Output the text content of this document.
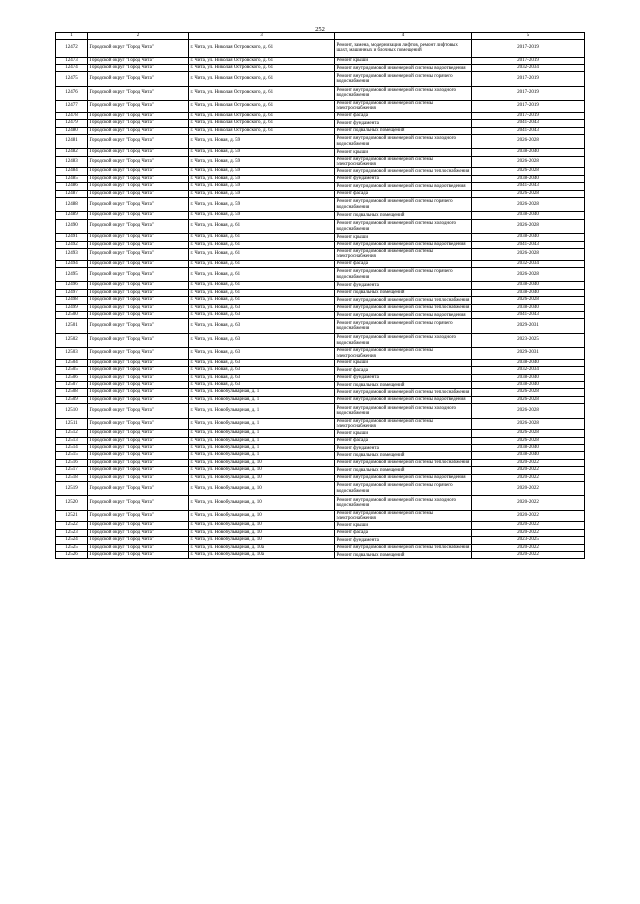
252
1	2	3	4	5
12472	Городской округ "Город Чита"	г. Чита, ул. Николая Островского, д. 61	Ремонт, замена, модернизация лифтов, ремонт лифтовых шахт, машинных и блочных помещений	2017-2019
12473	Городской округ "Город Чита"	г. Чита, ул. Николая Островского, д. 61	Ремонт крыши	2017-2019
12474	Городской округ "Город Чита"	г. Чита, ул. Николая Островского, д. 61	Ремонт внутридомовой инженерной системы водоотведения	2032-2034
12475	Городской округ "Город Чита"	г. Чита, ул. Николая Островского, д. 61	Ремонт внутридомовой инженерной системы горячего водоснабжения	2017-2019
12476	Городской округ "Город Чита"	г. Чита, ул. Николая Островского, д. 61	Ремонт внутридомовой инженерной системы холодного водоснабжения	2017-2019
12477	Городской округ "Город Чита"	г. Чита, ул. Николая Островского, д. 61	Ремонт внутридомовой инженерной системы электроснабжения	2017-2019
12478	Городской округ "Город Чита"	г. Чита, ул. Николая Островского, д. 61	Ремонт фасада	2017-2019
12479	Городской округ "Город Чита"	г. Чита, ул. Николая Островского, д. 61	Ремонт фундамента	2041-2043
12480	Городской округ "Город Чита"	г. Чита, ул. Николая Островского, д. 61	Ремонт подвальных помещений	2041-2043
12481	Городской округ "Город Чита"	г. Чита, ул. Новая, д. 59	Ремонт внутридомовой инженерной системы холодного водоснабжения	2026-2028
12482	Городской округ "Город Чита"	г. Чита, ул. Новая, д. 59	Ремонт крыши	2038-2040
12483	Городской округ "Город Чита"	г. Чита, ул. Новая, д. 59	Ремонт внутридомовой инженерной системы электроснабжения	2026-2028
12484	Городской округ "Город Чита"	г. Чита, ул. Новая, д. 59	Ремонт внутридомовой инженерной системы теплоснабжения	2026-2028
12485	Городской округ "Город Чита"	г. Чита, ул. Новая, д. 59	Ремонт фундамента	2038-2040
12486	Городской округ "Город Чита"	г. Чита, ул. Новая, д. 59	Ремонт внутридомовой инженерной системы водоотведения	2041-2043
12487	Городской округ "Город Чита"	г. Чита, ул. Новая, д. 59	Ремонт фасада	2026-2028
12488	Городской округ "Город Чита"	г. Чита, ул. Новая, д. 59	Ремонт внутридомовой инженерной системы горячего водоснабжения	2026-2028
12489	Городской округ "Город Чита"	г. Чита, ул. Новая, д. 59	Ремонт подвальных помещений	2038-2040
12490	Городской округ "Город Чита"	г. Чита, ул. Новая, д. 61	Ремонт внутридомовой инженерной системы холодного водоснабжения	2026-2028
12491	Городской округ "Город Чита"	г. Чита, ул. Новая, д. 61	Ремонт крыши	2038-2040
12492	Городской округ "Город Чита"	г. Чита, ул. Новая, д. 61	Ремонт внутридомовой инженерной системы водоотведения	2041-2043
12493	Городской округ "Город Чита"	г. Чита, ул. Новая, д. 61	Ремонт внутридомовой инженерной системы электроснабжения	2026-2028
12494	Городской округ "Город Чита"	г. Чита, ул. Новая, д. 61	Ремонт фасада	2032-2034
12495	Городской округ "Город Чита"	г. Чита, ул. Новая, д. 61	Ремонт внутридомовой инженерной системы горячего водоснабжения	2026-2028
12496	Городской округ "Город Чита"	г. Чита, ул. Новая, д. 61	Ремонт фундамента	2038-2040
12497	Городской округ "Город Чита"	г. Чита, ул. Новая, д. 61	Ремонт подвальных помещений	2038-2040
12498	Городской округ "Город Чита"	г. Чита, ул. Новая, д. 61	Ремонт внутридомовой инженерной системы теплоснабжения	2026-2028
12499	Городской округ "Город Чита"	г. Чита, ул. Новая, д. 63	Ремонт внутридомовой инженерной системы теплоснабжения	2038-2040
12500	Городской округ "Город Чита"	г. Чита, ул. Новая, д. 63	Ремонт внутридомовой инженерной системы водоотведения	2041-2043
12501	Городской округ "Город Чита"	г. Чита, ул. Новая, д. 63	Ремонт внутридомовой инженерной системы горячего водоснабжения	2029-2031
12502	Городской округ "Город Чита"	г. Чита, ул. Новая, д. 63	Ремонт внутридомовой инженерной системы холодного водоснабжения	2023-2025
12503	Городской округ "Город Чита"	г. Чита, ул. Новая, д. 63	Ремонт внутридомовой инженерной системы электроснабжения	2029-2031
12504	Городской округ "Город Чита"	г. Чита, ул. Новая, д. 63	Ремонт крыши	2038-2040
12505	Городской округ "Город Чита"	г. Чита, ул. Новая, д. 63	Ремонт фасада	2032-2034
12506	Городской округ "Город Чита"	г. Чита, ул. Новая, д. 63	Ремонт фундамента	2038-2040
12507	Городской округ "Город Чита"	г. Чита, ул. Новая, д. 63	Ремонт подвальных помещений	2038-2040
12508	Городской округ "Город Чита"	г. Чита, ул. Новобульварная, д. 1	Ремонт внутридомовой инженерной системы теплоснабжения	2026-2028
12509	Городской округ "Город Чита"	г. Чита, ул. Новобульварная, д. 1	Ремонт внутридомовой инженерной системы водоотведения	2026-2028
12510	Городской округ "Город Чита"	г. Чита, ул. Новобульварная, д. 1	Ремонт внутридомовой инженерной системы холодного водоснабжения	2026-2028
12511	Городской округ "Город Чита"	г. Чита, ул. Новобульварная, д. 1	Ремонт внутридомовой инженерной системы электроснабжения	2026-2028
12512	Городской округ "Город Чита"	г. Чита, ул. Новобульварная, д. 1	Ремонт крыши	2026-2028
12513	Городской округ "Город Чита"	г. Чита, ул. Новобульварная, д. 1	Ремонт фасада	2026-2028
12514	Городской округ "Город Чита"	г. Чита, ул. Новобульварная, д. 1	Ремонт фундамента	2038-2040
12515	Городской округ "Город Чита"	г. Чита, ул. Новобульварная, д. 1	Ремонт подвальных помещений	2038-2040
12516	Городской округ "Город Чита"	г. Чита, ул. Новобульварная, д. 10	Ремонт внутридомовой инженерной системы теплоснабжения	2020-2022
12517	Городской округ "Город Чита"	г. Чита, ул. Новобульварная, д. 10	Ремонт подвальных помещений	2020-2022
12518	Городской округ "Город Чита"	г. Чита, ул. Новобульварная, д. 10	Ремонт внутридомовой инженерной системы водоотведения	2020-2022
12519	Городской округ "Город Чита"	г. Чита, ул. Новобульварная, д. 10	Ремонт внутридомовой инженерной системы горячего водоснабжения	2020-2022
12520	Городской округ "Город Чита"	г. Чита, ул. Новобульварная, д. 10	Ремонт внутридомовой инженерной системы холодного водоснабжения	2020-2022
12521	Городской округ "Город Чита"	г. Чита, ул. Новобульварная, д. 10	Ремонт внутридомовой инженерной системы электроснабжения	2020-2022
12522	Городской округ "Город Чита"	г. Чита, ул. Новобульварная, д. 10	Ремонт крыши	2020-2022
12523	Городской округ "Город Чита"	г. Чита, ул. Новобульварная, д. 10	Ремонт фасада	2020-2022
12524	Городской округ "Город Чита"	г. Чита, ул. Новобульварная, д. 10	Ремонт фундамента	2023-2025
12525	Городской округ "Город Чита"	г. Чита, ул. Новобульварная, д. 10а	Ремонт внутридомовой инженерной системы теплоснабжения	2020-2022
12526	Городской округ "Город Чита"	г. Чита, ул. Новобульварная, д. 10а	Ремонт подвальных помещений	2020-2022
